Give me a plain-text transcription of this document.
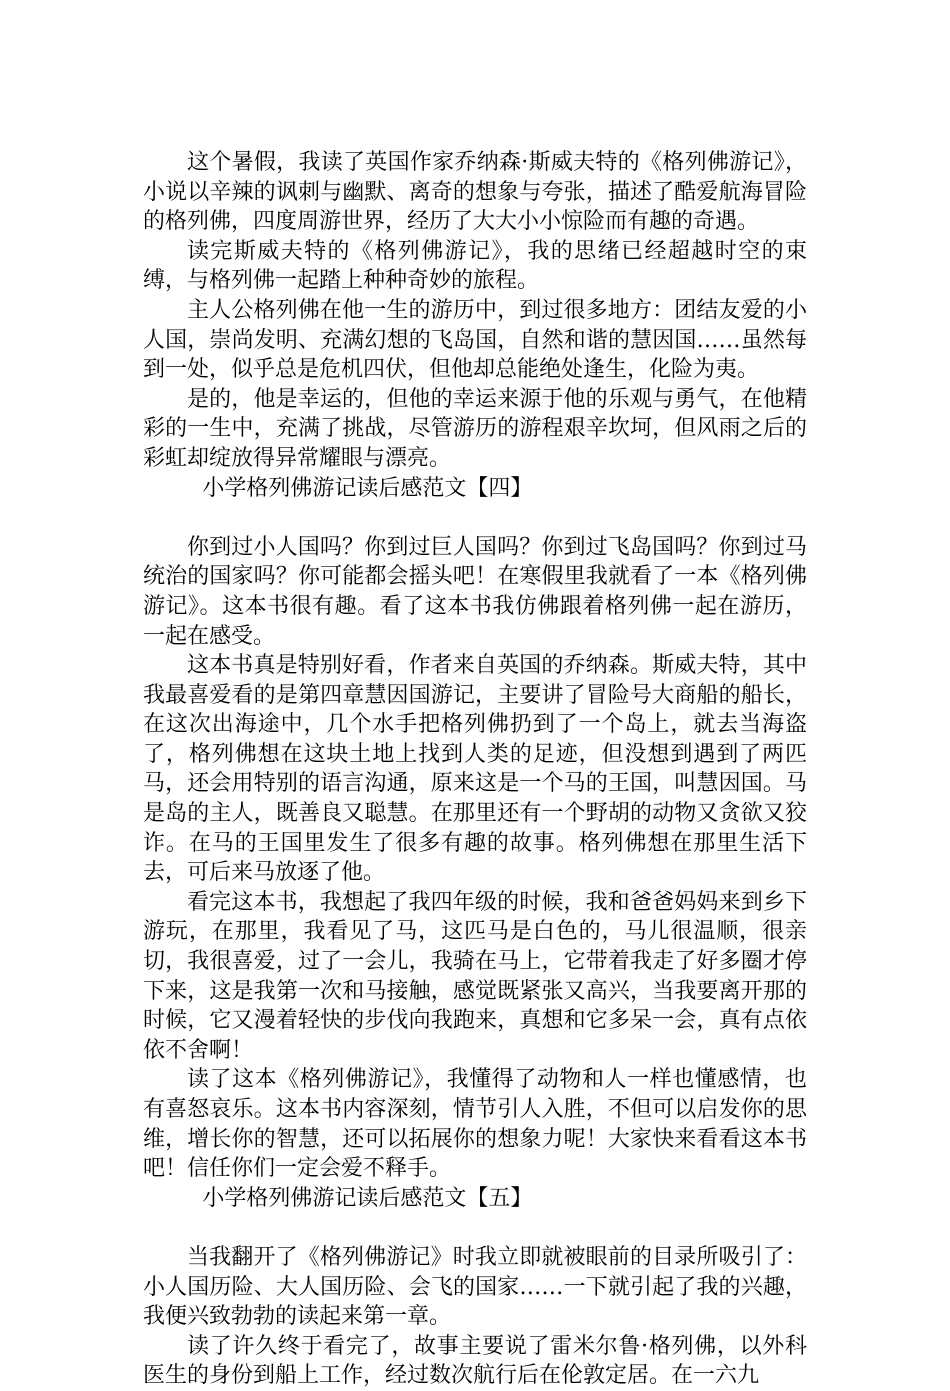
这个暑假，我读了英国作家乔纳森·斯威夫特的《格列佛游记》，小说以辛辣的讽刺与幽默、离奇的想象与夸张，描述了酷爱航海冒险的格列佛，四度周游世界，经历了大大小小惊险而有趣的奇遇。

读完斯威夫特的《格列佛游记》，我的思绪已经超越时空的束缚，与格列佛一起踏上种种奇妙的旅程。

主人公格列佛在他一生的游历中，到过很多地方：团结友爱的小人国，崇尚发明、充满幻想的飞岛国，自然和谐的慧因国……虽然每到一处，似乎总是危机四伏，但他却总能绝处逢生，化险为夷。

是的，他是幸运的，但他的幸运来源于他的乐观与勇气，在他精彩的一生中，充满了挑战，尽管游历的游程艰辛坎坷，但风雨之后的彩虹却绽放得异常耀眼与漂亮。

小学格列佛游记读后感范文【四】

你到过小人国吗？你到过巨人国吗？你到过飞岛国吗？你到过马统治的国家吗？你可能都会摇头吧！在寒假里我就看了一本《格列佛游记》。这本书很有趣。看了这本书我仿佛跟着格列佛一起在游历，一起在感受。

这本书真是特别好看，作者来自英国的乔纳森。斯威夫特，其中我最喜爱看的是第四章慧因国游记，主要讲了冒险号大商船的船长，在这次出海途中，几个水手把格列佛扔到了一个岛上，就去当海盗了，格列佛想在这块土地上找到人类的足迹，但没想到遇到了两匹马，还会用特别的语言沟通，原来这是一个马的王国，叫慧因国。马是岛的主人，既善良又聪慧。在那里还有一个野胡的动物又贪欲又狡诈。在马的王国里发生了很多有趣的故事。格列佛想在那里生活下去，可后来马放逐了他。

看完这本书，我想起了我四年级的时候，我和爸爸妈妈来到乡下游玩，在那里，我看见了马，这匹马是白色的，马儿很温顺，很亲切，我很喜爱，过了一会儿，我骑在马上，它带着我走了好多圈才停下来，这是我第一次和马接触，感觉既紧张又高兴，当我要离开那的时候，它又漫着轻快的步伐向我跑来，真想和它多呆一会，真有点依依不舍啊！

读了这本《格列佛游记》，我懂得了动物和人一样也懂感情，也有喜怒哀乐。这本书内容深刻，情节引人入胜，不但可以启发你的思维，增长你的智慧，还可以拓展你的想象力呢！大家快来看看这本书吧！信任你们一定会爱不释手。

小学格列佛游记读后感范文【五】

当我翻开了《格列佛游记》时我立即就被眼前的目录所吸引了：小人国历险、大人国历险、会飞的国家……一下就引起了我的兴趣，我便兴致勃勃的读起来第一章。

读了许久终于看完了，故事主要说了雷米尔鲁·格列佛，以外科医生的身份到船上工作，经过数次航行后在伦敦定居。在一六九
